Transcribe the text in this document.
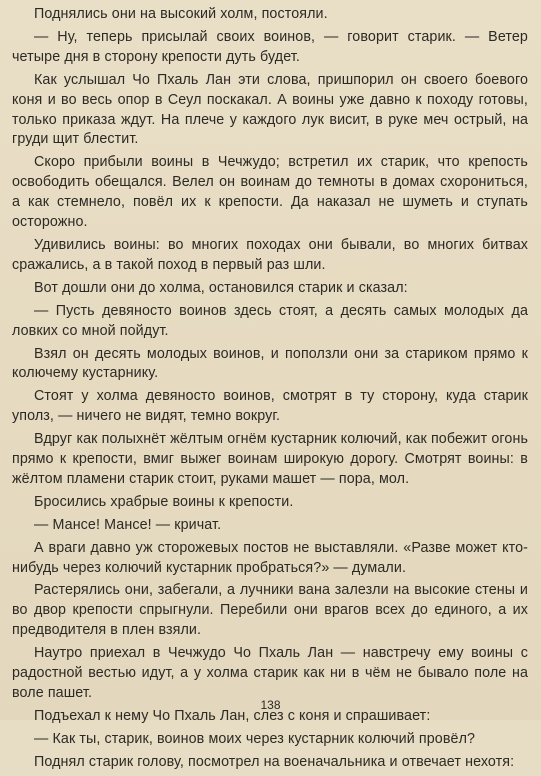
Поднялись они на высокий холм, постояли.

— Ну, теперь присылай своих воинов, — говорит старик. — Ветер четыре дня в сторону крепости дуть будет.

Как услышал Чо Пхаль Лан эти слова, пришпорил он своего боевого коня и во весь опор в Сеул поскакал. А воины уже давно к походу готовы, только приказа ждут. На плече у каждого лук висит, в руке меч острый, на груди щит блестит.

Скоро прибыли воины в Чечжудо; встретил их старик, что крепость освободить обещался. Велел он воинам до темноты в домах схорониться, а как стемнело, повёл их к крепости. Да наказал не шуметь и ступать осторожно.

Удивились воины: во многих походах они бывали, во многих битвах сражались, а в такой поход в первый раз шли.

Вот дошли они до холма, остановился старик и сказал:

— Пусть девяносто воинов здесь стоят, а десять самых молодых да ловких со мной пойдут.

Взял он десять молодых воинов, и поползли они за стариком прямо к колючему кустарнику.

Стоят у холма девяносто воинов, смотрят в ту сторону, куда старик уполз, — ничего не видят, темно вокруг.

Вдруг как полыхнёт жёлтым огнём кустарник колючий, как побежит огонь прямо к крепости, вмиг выжег воинам широкую дорогу. Смотрят воины: в жёлтом пламени старик стоит, руками машет — пора, мол.

Бросились храбрые воины к крепости.

— Мансе! Мансе! — кричат.

А враги давно уж сторожевых постов не выставляли. «Разве может кто-нибудь через колючий кустарник пробраться?» — думали.

Растерялись они, забегали, а лучники вана залезли на высокие стены и во двор крепости спрыгнули. Перебили они врагов всех до единого, а их предводителя в плен взяли.

Наутро приехал в Чечжудо Чо Пхаль Лан — навстречу ему воины с радостной вестью идут, а у холма старик как ни в чём не бывало поле на воле пашет.

Подъехал к нему Чо Пхаль Лан, слез с коня и спрашивает:

— Как ты, старик, воинов моих через кустарник колючий провёл?

Поднял старик голову, посмотрел на военачальника и отвечает нехотя:

138
